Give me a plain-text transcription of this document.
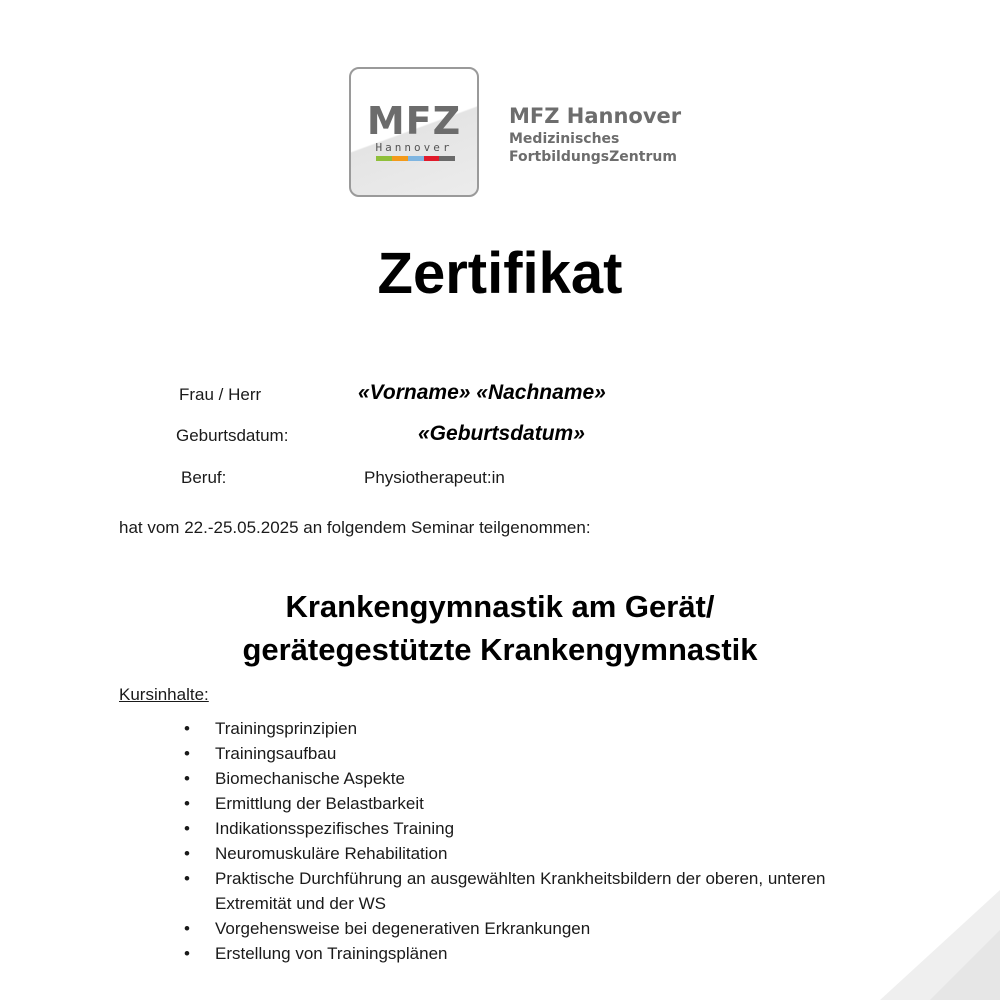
MFZ
Hannover
MFZ Hannover
Medizinisches
FortbildungsZentrum
Zertifikat
Frau / Herr	«Vorname» «Nachname»
Geburtsdatum:	«Geburtsdatum»
Beruf:	Physiotherapeut:in
hat vom 22.-25.05.2025 an folgendem Seminar teilgenommen:
Krankengymnastik am Gerät/
gerätegestützte Krankengymnastik
Kursinhalte:
• Trainingsprinzipien
• Trainingsaufbau
• Biomechanische Aspekte
• Ermittlung der Belastbarkeit
• Indikationsspezifisches Training
• Neuromuskuläre Rehabilitation
• Praktische Durchführung an ausgewählten Krankheitsbildern der oberen, unteren Extremität und der WS
• Vorgehensweise bei degenerativen Erkrankungen
• Erstellung von Trainingsplänen
